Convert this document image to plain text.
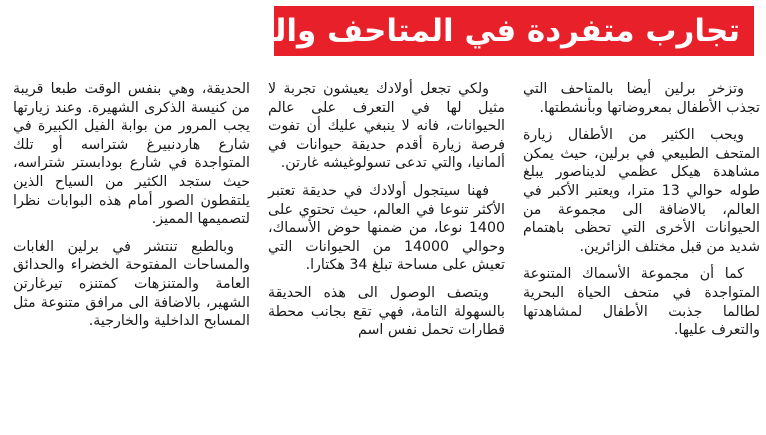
تجارب متفردة في المتاحف والحدائق

وتزخر برلين أيضا بالمتاحف التي تجذب الأطفال بمعروضاتها وبأنشطتها.

ويحب الكثير من الأطفال زيارة المتحف الطبيعي في برلين، حيث يمكن مشاهدة هيكل عظمي لديناصور يبلغ طوله حوالي 13 مترا، ويعتبر الأكبر في العالم، بالاضافة الى مجموعة من الحيوانات الأخرى التي تحظى باهتمام شديد من قبل مختلف الزائرين.

كما أن مجموعة الأسماك المتنوعة المتواجدة في متحف الحياة البحرية لطالما جذبت الأطفال لمشاهدتها والتعرف عليها.

ولكي تجعل أولادك يعيشون تجربة لا مثيل لها في التعرف على عالم الحيوانات، فانه لا ينبغي عليك أن تفوت فرصة زيارة أقدم حديقة حيوانات في ألمانيا، والتي تدعى تسولوغيشه غارتن.

فهنا سيتجول أولادك في حديقة تعتبر الأكثر تنوعا في العالم، حيث تحتوي على 1400 نوعا، من ضمنها حوض الأسماك، وحوالي 14000 من الحيوانات التي تعيش على مساحة تبلغ 34 هكتارا.

ويتصف الوصول الى هذه الحديقة بالسهولة التامة، فهي تقع بجانب محطة قطارات تحمل نفس اسم

الحديقة، وهي بنفس الوقت طبعا قريبة من كنيسة الذكرى الشهيرة. وعند زيارتها يجب المرور من بوابة الفيل الكبيرة في شارع هاردنبيرغ شتراسه أو تلك المتواجدة في شارع بودابستر شتراسه، حيث ستجد الكثير من السياح الذين يلتقطون الصور أمام هذه البوابات نظرا لتصميمها المميز.

وبالطبع تنتشر في برلين الغابات والمساحات المفتوحة الخضراء والحدائق العامة والمتنزهات كمتنزه تيرغارتن الشهير، بالاضافة الى مرافق متنوعة مثل المسابح الداخلية والخارجية.
